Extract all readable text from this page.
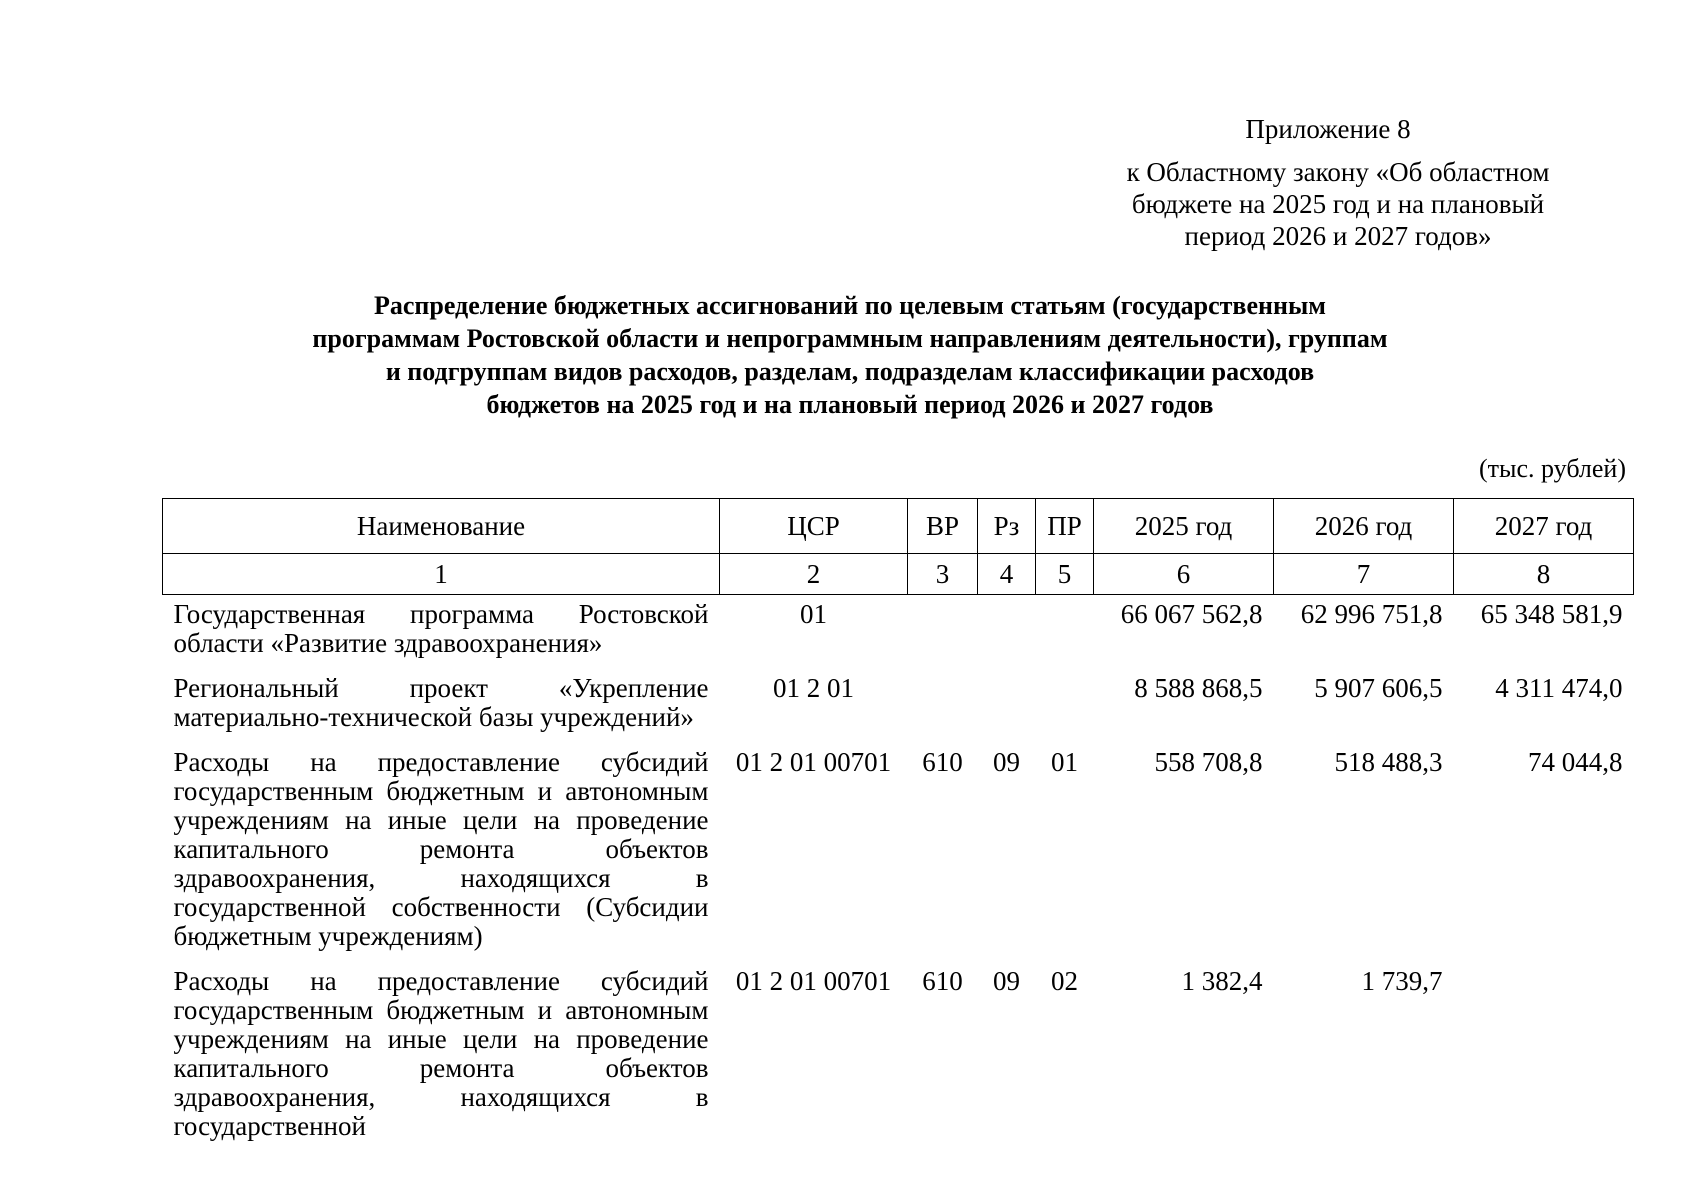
Приложение 8
к Областному закону «Об областном
бюджете на 2025 год и на плановый
период 2026 и 2027 годов»
Распределение бюджетных ассигнований по целевым статьям (государственным
программам Ростовской области и непрограммным направлениям деятельности), группам
и подгруппам видов расходов, разделам, подразделам классификации расходов
бюджетов на 2025 год и на плановый период 2026 и 2027 годов
(тыс. рублей)
Наименование	ЦСР	ВР	Рз	ПР	2025 год	2026 год	2027 год
1	2	3	4	5	6	7	8
Государственная программа Ростовской области «Развитие здравоохранения»	01				66 067 562,8	62 996 751,8	65 348 581,9
Региональный проект «Укрепление материально-технической базы учреждений»	01 2 01				8 588 868,5	5 907 606,5	4 311 474,0
Расходы на предоставление субсидий государственным бюджетным и автономным учреждениям на иные цели на проведение капитального ремонта объектов здравоохранения, находящихся в государственной собственности (Субсидии бюджетным учреждениям)	01 2 01 00701	610	09	01	558 708,8	518 488,3	74 044,8
Расходы на предоставление субсидий государственным бюджетным и автономным учреждениям на иные цели на проведение капитального ремонта объектов здравоохранения, находящихся в государственной	01 2 01 00701	610	09	02	1 382,4	1 739,7	
